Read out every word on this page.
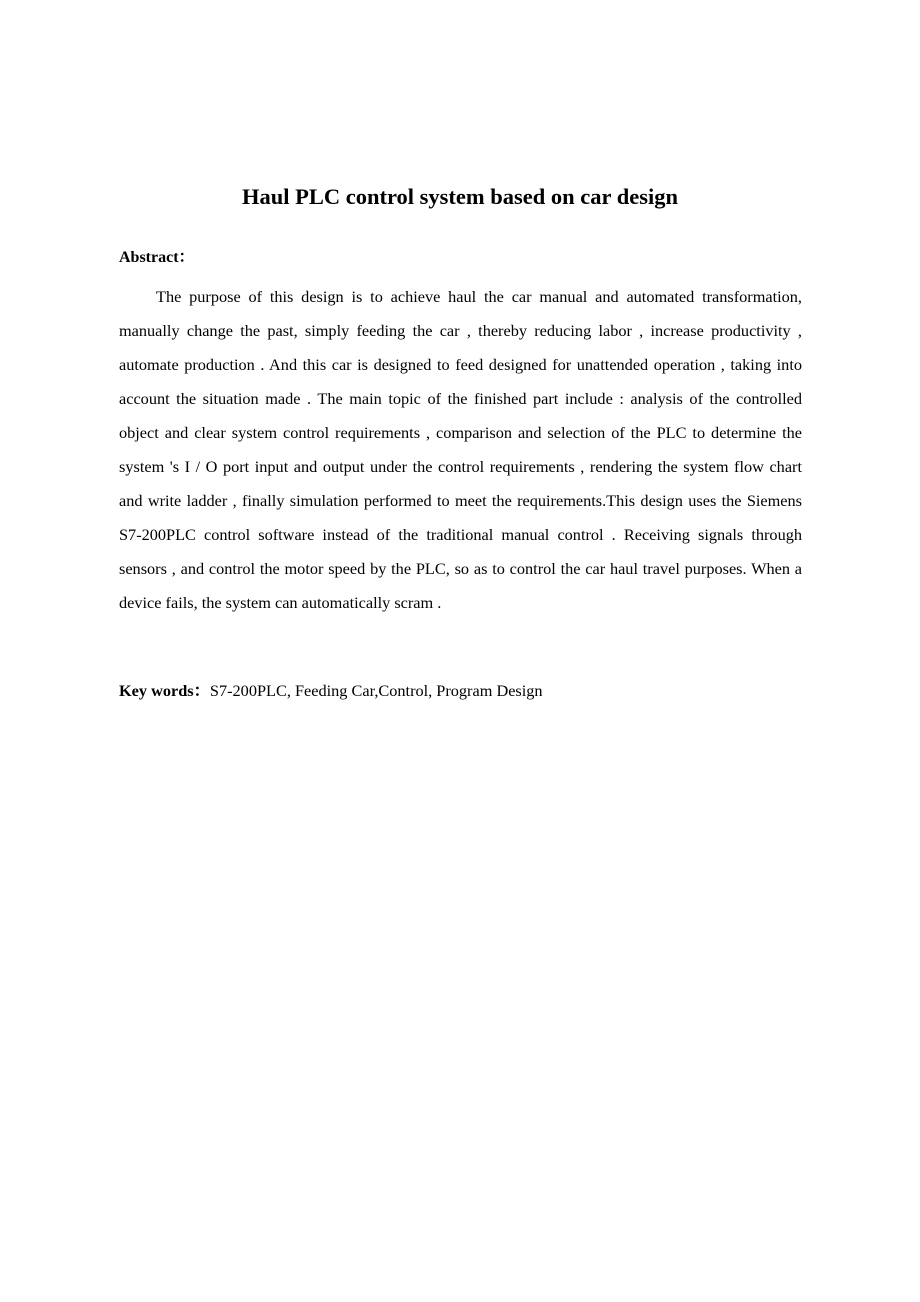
Haul PLC control system based on car design

Abstract：

The purpose of this design is to achieve haul the car manual and automated transformation, manually change the past, simply feeding the car , thereby reducing labor , increase productivity , automate production . And this car is designed to feed designed for unattended operation , taking into account the situation made . The main topic of the finished part include : analysis of the controlled object and clear system control requirements , comparison and selection of the PLC to determine the system 's I / O port input and output under the control requirements , rendering the system flow chart and write ladder , finally simulation performed to meet the requirements.This design uses the Siemens S7-200PLC control software instead of the traditional manual control . Receiving signals through sensors , and control the motor speed by the PLC, so as to control the car haul travel purposes. When a device fails, the system can automatically scram .

Key words：S7-200PLC, Feeding Car,Control, Program Design
